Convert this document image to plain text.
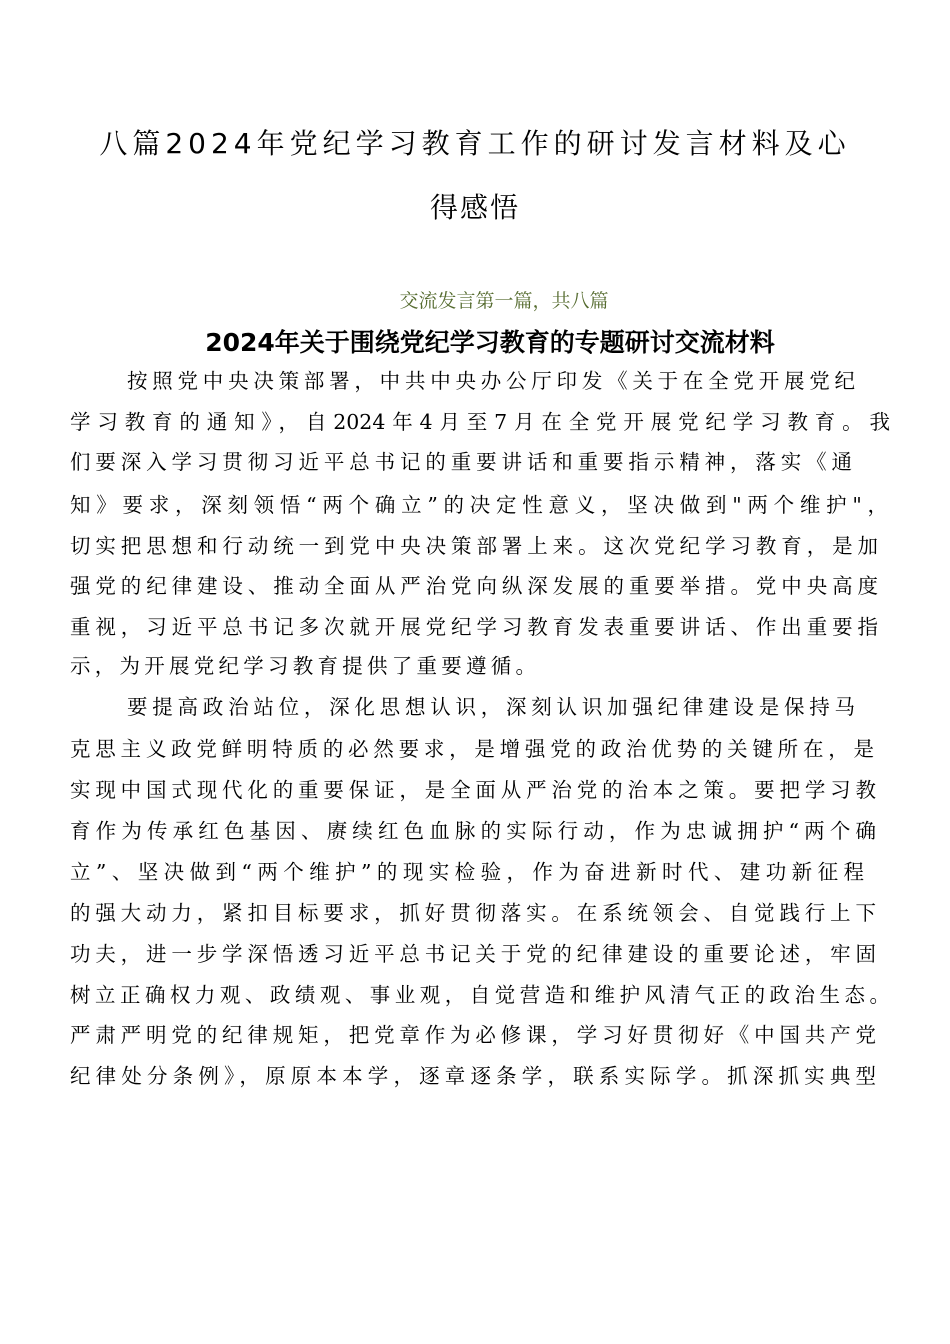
八篇2024年党纪学习教育工作的研讨发言材料及心
得感悟
交流发言第一篇，共八篇
2024年关于围绕党纪学习教育的专题研讨交流材料
按照党中央决策部署，中共中央办公厅印发《关于在全党开展党纪
学习教育的通知》，自2024年4月至7月在全党开展党纪学习教育。我
们要深入学习贯彻习近平总书记的重要讲话和重要指示精神，落实《通
知》要求，深刻领悟“两个确立”的决定性意义，坚决做到"两个维护"，
切实把思想和行动统一到党中央决策部署上来。这次党纪学习教育，是加
强党的纪律建设、推动全面从严治党向纵深发展的重要举措。党中央高度
重视，习近平总书记多次就开展党纪学习教育发表重要讲话、作出重要指
示，为开展党纪学习教育提供了重要遵循。
要提高政治站位，深化思想认识，深刻认识加强纪律建设是保持马
克思主义政党鲜明特质的必然要求，是增强党的政治优势的关键所在，是
实现中国式现代化的重要保证，是全面从严治党的治本之策。要把学习教
育作为传承红色基因、赓续红色血脉的实际行动，作为忠诚拥护“两个确
立”、坚决做到“两个维护”的现实检验，作为奋进新时代、建功新征程
的强大动力，紧扣目标要求，抓好贯彻落实。在系统领会、自觉践行上下
功夫，进一步学深悟透习近平总书记关于党的纪律建设的重要论述，牢固
树立正确权力观、政绩观、事业观，自觉营造和维护风清气正的政治生态。
严肃严明党的纪律规矩，把党章作为必修课，学习好贯彻好《中国共产党
纪律处分条例》，原原本本学，逐章逐条学，联系实际学。抓深抓实典型
